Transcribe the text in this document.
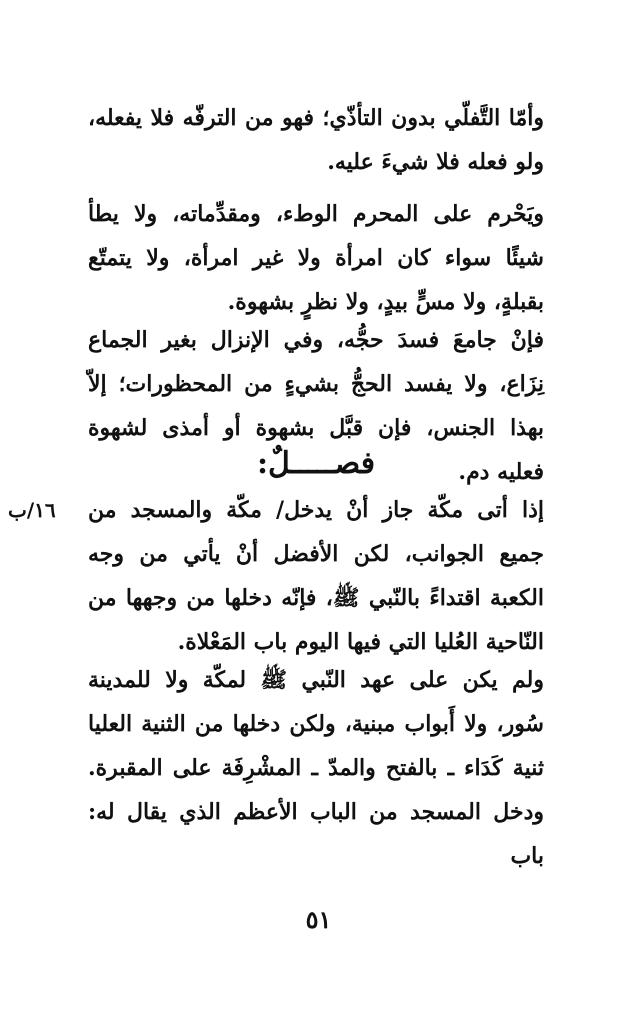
وأمّا التَّفلّي بدون التأذّي؛ فهو من الترفّه فلا يفعله، ولو فعله فلا شيءَ عليه.

ويَحْرم على المحرم الوطء، ومقدِّماته، ولا يطأ شيئًا سواء كان امرأة ولا غير امرأة، ولا يتمتّع بقبلةٍ، ولا مسٍّ بيدٍ، ولا نظرٍ بشهوة.

فإنْ جامعَ فسدَ حجُّه، وفي الإنزال بغير الجماع نِزَاع، ولا يفسد الحجُّ بشيءٍ من المحظورات؛ إلاّ بهذا الجنس، فإن قبَّل بشهوة أو أمذى لشهوة فعليه دم.

فصـــــلٌ:
١٦/ب	إذا أتى مكّة جاز أنْ يدخل/ مكّة والمسجد من جميع الجوانب، لكن الأفضل أنْ يأتي من وجه الكعبة اقتداءً بالنّبي ﷺ، فإنّه دخلها من وجهها من النّاحية العُليا التي فيها اليوم باب المَعْلاة.

ولم يكن على عهد النّبي ﷺ لمكّة ولا للمدينة سُور، ولا أَبواب مبنية، ولكن دخلها من الثنية العليا ثنية كَدَاء ـ بالفتح والمدّ ـ المشْرِفَة على المقبرة. ودخل المسجد من الباب الأعظم الذي يقال له: باب

٥١
